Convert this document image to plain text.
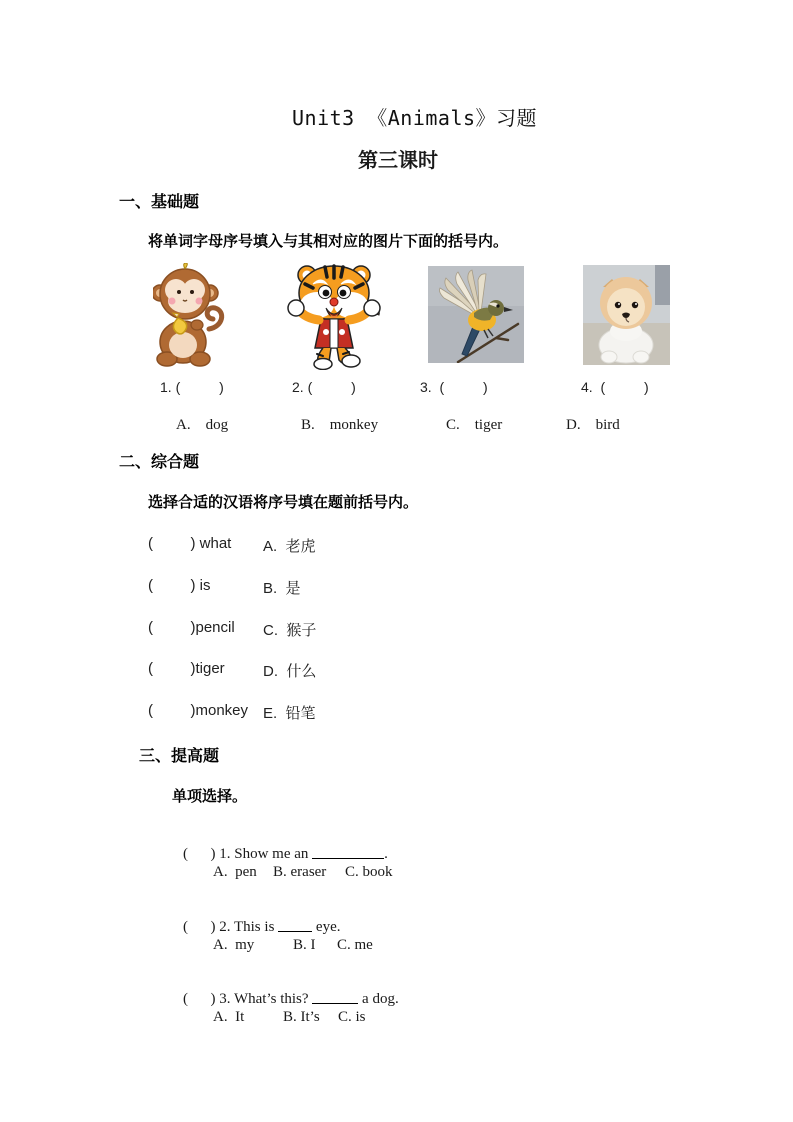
Unit3 《Animals》习题
第三课时
一、基础题
将单词字母序号填入与其相对应的图片下面的括号内。
1. (          )	2. (          )	3.  (          )	4.  (          )
A.    dog	B.    monkey	C.    tiger	D.    bird
二、综合题
选择合适的汉语将序号填在题前括号内。
(         ) what A.  老虎
(         ) is	B.  是
(         )pencil C.  猴子
(         )tiger	D.  什么
(         )monkey E.  铅笔
三、提高题
单项选择。

(      ) 1. Show me an	.

A.  pen B. eraser C. book

(      ) 2. This is  eye.

A.  my	B. I C. me

(      ) 3. What’s this?	a dog.

A.  It	B. It’s C. is
